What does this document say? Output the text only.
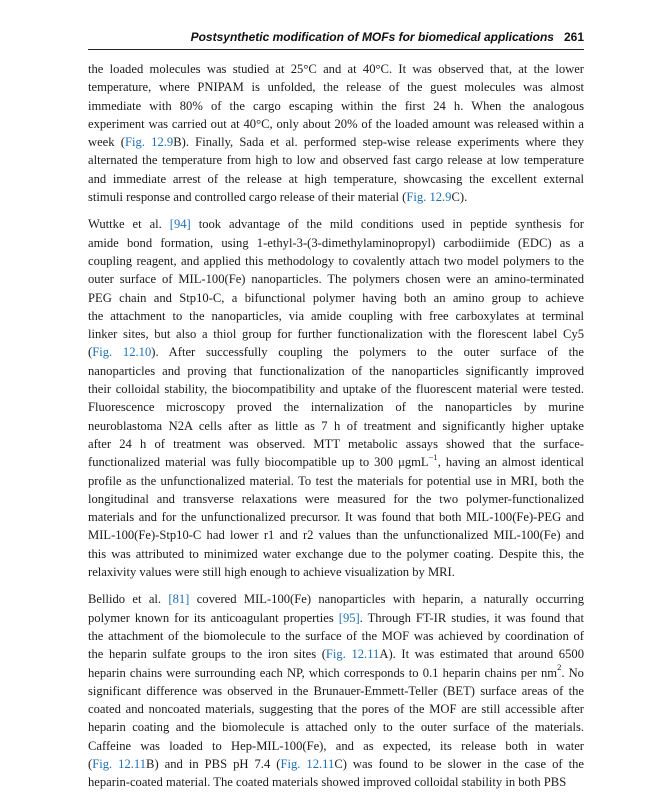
Postsynthetic modification of MOFs for biomedical applications 261
the loaded molecules was studied at 25°C and at 40°C. It was observed that, at the lower
temperature, where PNIPAM is unfolded, the release of the guest molecules was almost
immediate with 80% of the cargo escaping within the first 24 h. When the analogous
experiment was carried out at 40°C, only about 20% of the loaded amount was released within a
week (Fig. 12.9B). Finally, Sada et al. performed step-wise release experiments where they
alternated the temperature from high to low and observed fast cargo release at low temperature
and immediate arrest of the release at high temperature, showcasing the excellent external
stimuli response and controlled cargo release of their material (Fig. 12.9C).
Wuttke et al. [94] took advantage of the mild conditions used in peptide synthesis for
amide bond formation, using 1-ethyl-3-(3-dimethylaminopropyl) carbodiimide (EDC) as a
coupling reagent, and applied this methodology to covalently attach two model polymers to the
outer surface of MIL-100(Fe) nanoparticles. The polymers chosen were an amino-terminated
PEG chain and Stp10-C, a bifunctional polymer having both an amino group to achieve
the attachment to the nanoparticles, via amide coupling with free carboxylates at terminal
linker sites, but also a thiol group for further functionalization with the florescent label Cy5
(Fig. 12.10). After successfully coupling the polymers to the outer surface of the
nanoparticles and proving that functionalization of the nanoparticles significantly improved
their colloidal stability, the biocompatibility and uptake of the fluorescent material were tested.
Fluorescence microscopy proved the internalization of the nanoparticles by murine
neuroblastoma N2A cells after as little as 7 h of treatment and significantly higher uptake
after 24 h of treatment was observed. MTT metabolic assays showed that the surface-
functionalized material was fully biocompatible up to 300 μgmL$^{-1}$, having an almost identical
profile as the unfunctionalized material. To test the materials for potential use in MRI, both the
longitudinal and transverse relaxations were measured for the two polymer-functionalized
materials and for the unfunctionalized precursor. It was found that both MIL-100(Fe)-PEG and
MIL-100(Fe)-Stp10-C had lower r1 and r2 values than the unfunctionalized MIL-100(Fe) and
this was attributed to minimized water exchange due to the polymer coating. Despite this, the
relaxivity values were still high enough to achieve visualization by MRI.
Bellido et al. [81] covered MIL-100(Fe) nanoparticles with heparin, a naturally occurring
polymer known for its anticoagulant properties [95]. Through FT-IR studies, it was found that
the attachment of the biomolecule to the surface of the MOF was achieved by coordination of
the heparin sulfate groups to the iron sites (Fig. 12.11A). It was estimated that around 6500
heparin chains were surrounding each NP, which corresponds to 0.1 heparin chains per $nm^2$. No
significant difference was observed in the Brunauer-Emmett-Teller (BET) surface areas of the
coated and noncoated materials, suggesting that the pores of the MOF are still accessible after
heparin coating and the biomolecule is attached only to the outer surface of the materials.
Caffeine was loaded to Hep-MIL-100(Fe), and as expected, its release both in water
(Fig. 12.11B) and in PBS pH 7.4 (Fig. 12.11C) was found to be slower in the case of the
heparin-coated material. The coated materials showed improved colloidal stability in both PBS
